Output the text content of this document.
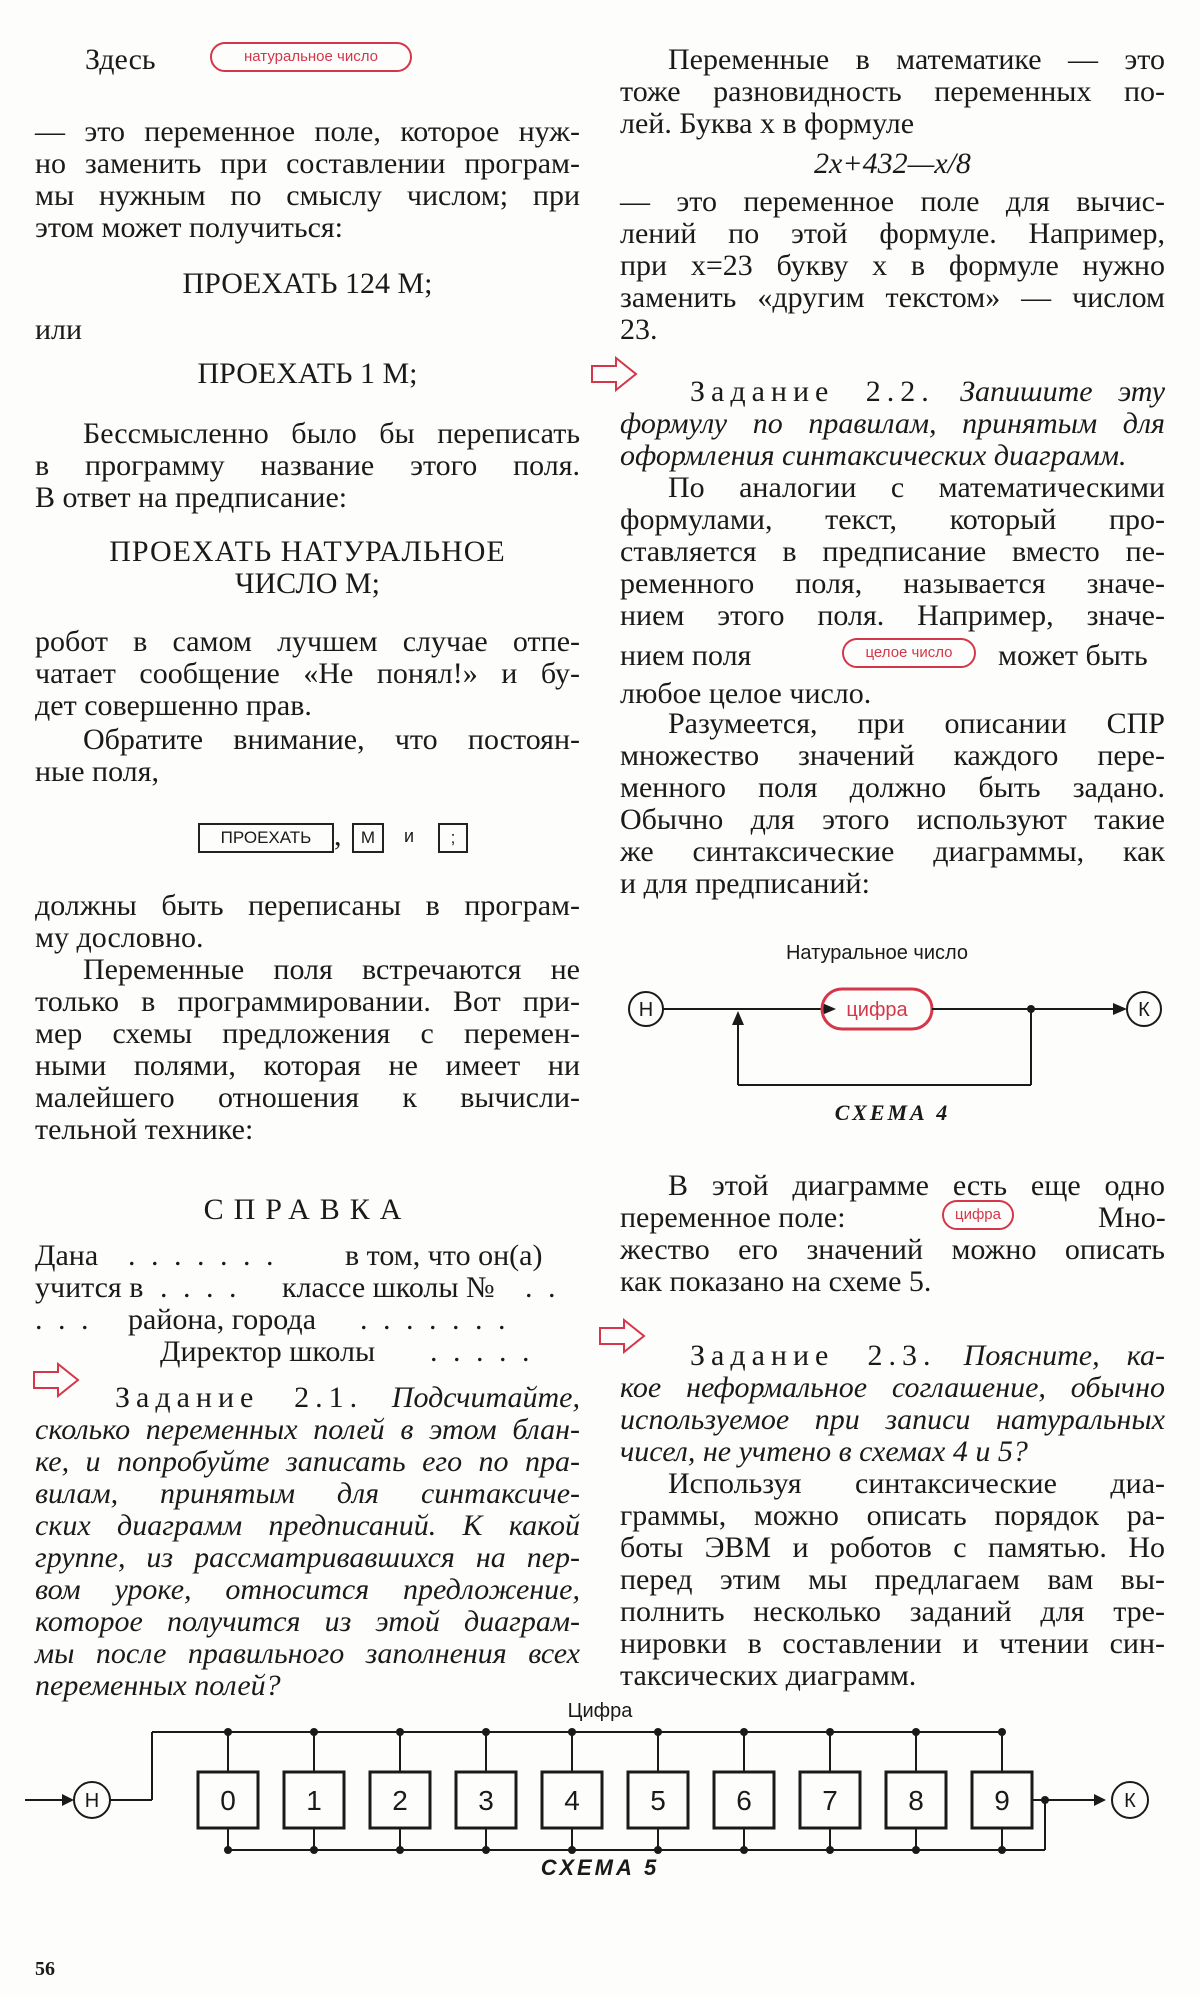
Здесь	натуральное число
— это переменное поле, которое нуж-
но заменить при составлении програм-
мы нужным по смыслу числом; при
этом может получиться:
ПРОЕХАТЬ 124 М;
или
ПРОЕХАТЬ 1 М;
Бессмысленно было бы переписать
в программу название этого поля.
В ответ на предписание:
ПРОЕХАТЬ НАТУРАЛЬНОЕ
ЧИСЛО М;
робот в самом лучшем случае отпе-
чатает сообщение «Не понял!» и бу-
дет совершенно прав.
Обратите внимание, что постоян-
ные поля,
ПРОЕХАТЬ ,	М	и	;
должны быть переписаны в програм-
му дословно.
Переменные поля встречаются не
только в программировании. Вот при-
мер схемы предложения с перемен-
ными полями, которая не имеет ни
малейшего отношения к вычисли-
тельной технике:
СПРАВКА
Дана . . . . . . . в том, что он(а)
учится в . . . . классе школы № . .
. . . района, города . . . . . . .
Директор школы . . . . .
Задание 2.1. Подсчитайте,
сколько переменных полей в этом блан-
ке, и попробуйте записать его по пра-
вилам, принятым для синтаксиче-
ских диаграмм предписаний. К какой
группе, из рассматривавшихся на пер-
вом уроке, относится предложение,
которое получится из этой диаграм-
мы после правильного заполнения всех
переменных полей?
Переменные в математике — это
тоже разновидность переменных по-
лей. Буква x в формуле
2x+432—x/8
— это переменное поле для вычис-
лений по этой формуле. Например,
при x=23 букву x в формуле нужно
заменить «другим текстом» — числом
23.
Задание 2.2. Запишите эту
формулу по правилам, принятым для
оформления синтаксических диаграмм.
По аналогии с математическими
формулами, текст, который про-
ставляется в предписание вместо пе-
ременного поля, называется значе-
нием этого поля. Например, значе-
нием поля	целое число	может быть
любое целое число.
Разумеется, при описании СПР
множество значений каждого пере-
менного поля должно быть задано.
Обычно для этого используют такие
же синтаксические диаграммы, как
и для предписаний:
Натуральное число
Н	цифра	К
СХЕМА 4
В этой диаграмме есть еще одно
переменное поле:	цифра	Мно-
жество его значений можно описать
как показано на схеме 5.
Задание 2.3. Поясните, ка-
кое неформальное соглашение, обычно
используемое при записи натуральных
чисел, не учтено в схемах 4 и 5?
Используя синтаксические диа-
граммы, можно описать порядок ра-
боты ЭВМ и роботов с памятью. Но
перед этим мы предлагаем вам вы-
полнить несколько заданий для тре-
нировки в составлении и чтении син-
таксических диаграмм.
Цифра
Н	0	1	2	3	4	5	6	7	8	9	К
СХЕМА 5
56
